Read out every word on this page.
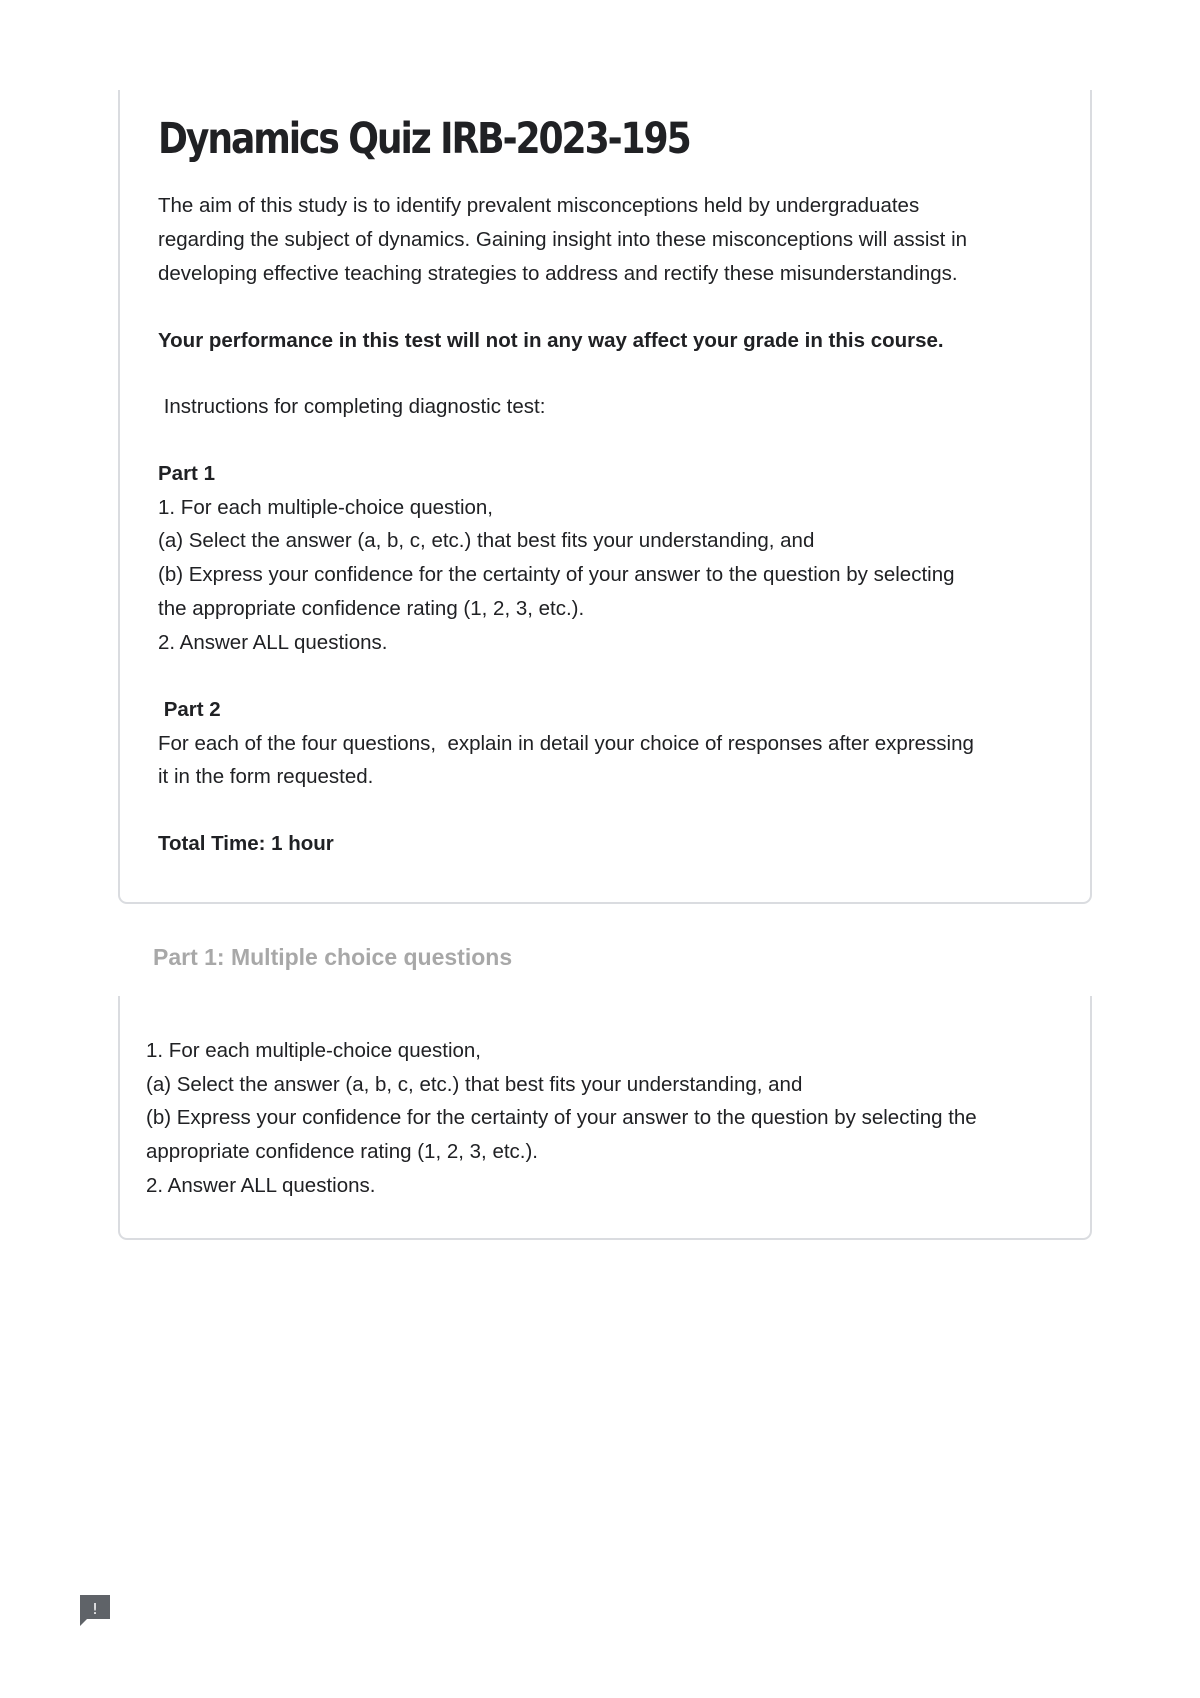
Dynamics Quiz IRB-2023-195
The aim of this study is to identify prevalent misconceptions held by undergraduates
regarding the subject of dynamics. Gaining insight into these misconceptions will assist in
developing effective teaching strategies to address and rectify these misunderstandings.
Your performance in this test will not in any way affect your grade in this course.
Instructions for completing diagnostic test:
Part 1
1. For each multiple-choice question,
(a) Select the answer (a, b, c, etc.) that best fits your understanding, and
(b) Express your confidence for the certainty of your answer to the question by selecting
the appropriate confidence rating (1, 2, 3, etc.).
2. Answer ALL questions.
Part 2
For each of the four questions,  explain in detail your choice of responses after expressing
it in the form requested.
Total Time: 1 hour
Part 1: Multiple choice questions
1. For each multiple-choice question,
(a) Select the answer (a, b, c, etc.) that best fits your understanding, and
(b) Express your confidence for the certainty of your answer to the question by selecting the
appropriate confidence rating (1, 2, 3, etc.).
2. Answer ALL questions.
!
